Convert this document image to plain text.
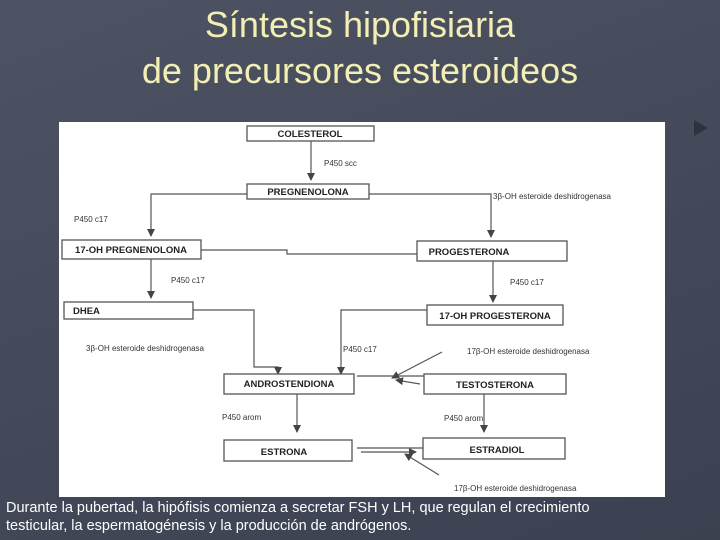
Síntesis hipofisiaria
de precursores esteroideos
COLESTEROL
PREGNENOLONA
17-OH PREGNENOLONA	PROGESTERONA
DHEA	17-OH PROGESTERONA
ANDROSTENDIONA	TESTOSTERONA
ESTRONA	ESTRADIOL
P450 scc
3β-OH esteroide deshidrogenasa
P450 c17
P450 c17	P450 c17
3β-OH esteroide deshidrogenasa	P450 c17	17β-OH esteroide deshidrogenasa
P450 arom	P450 arom
17β-OH esteroide deshidrogenasa
Durante la pubertad, la hipófisis comienza a secretar FSH y LH, que regulan el crecimiento
testicular, la espermatogénesis y la producción de andrógenos.
